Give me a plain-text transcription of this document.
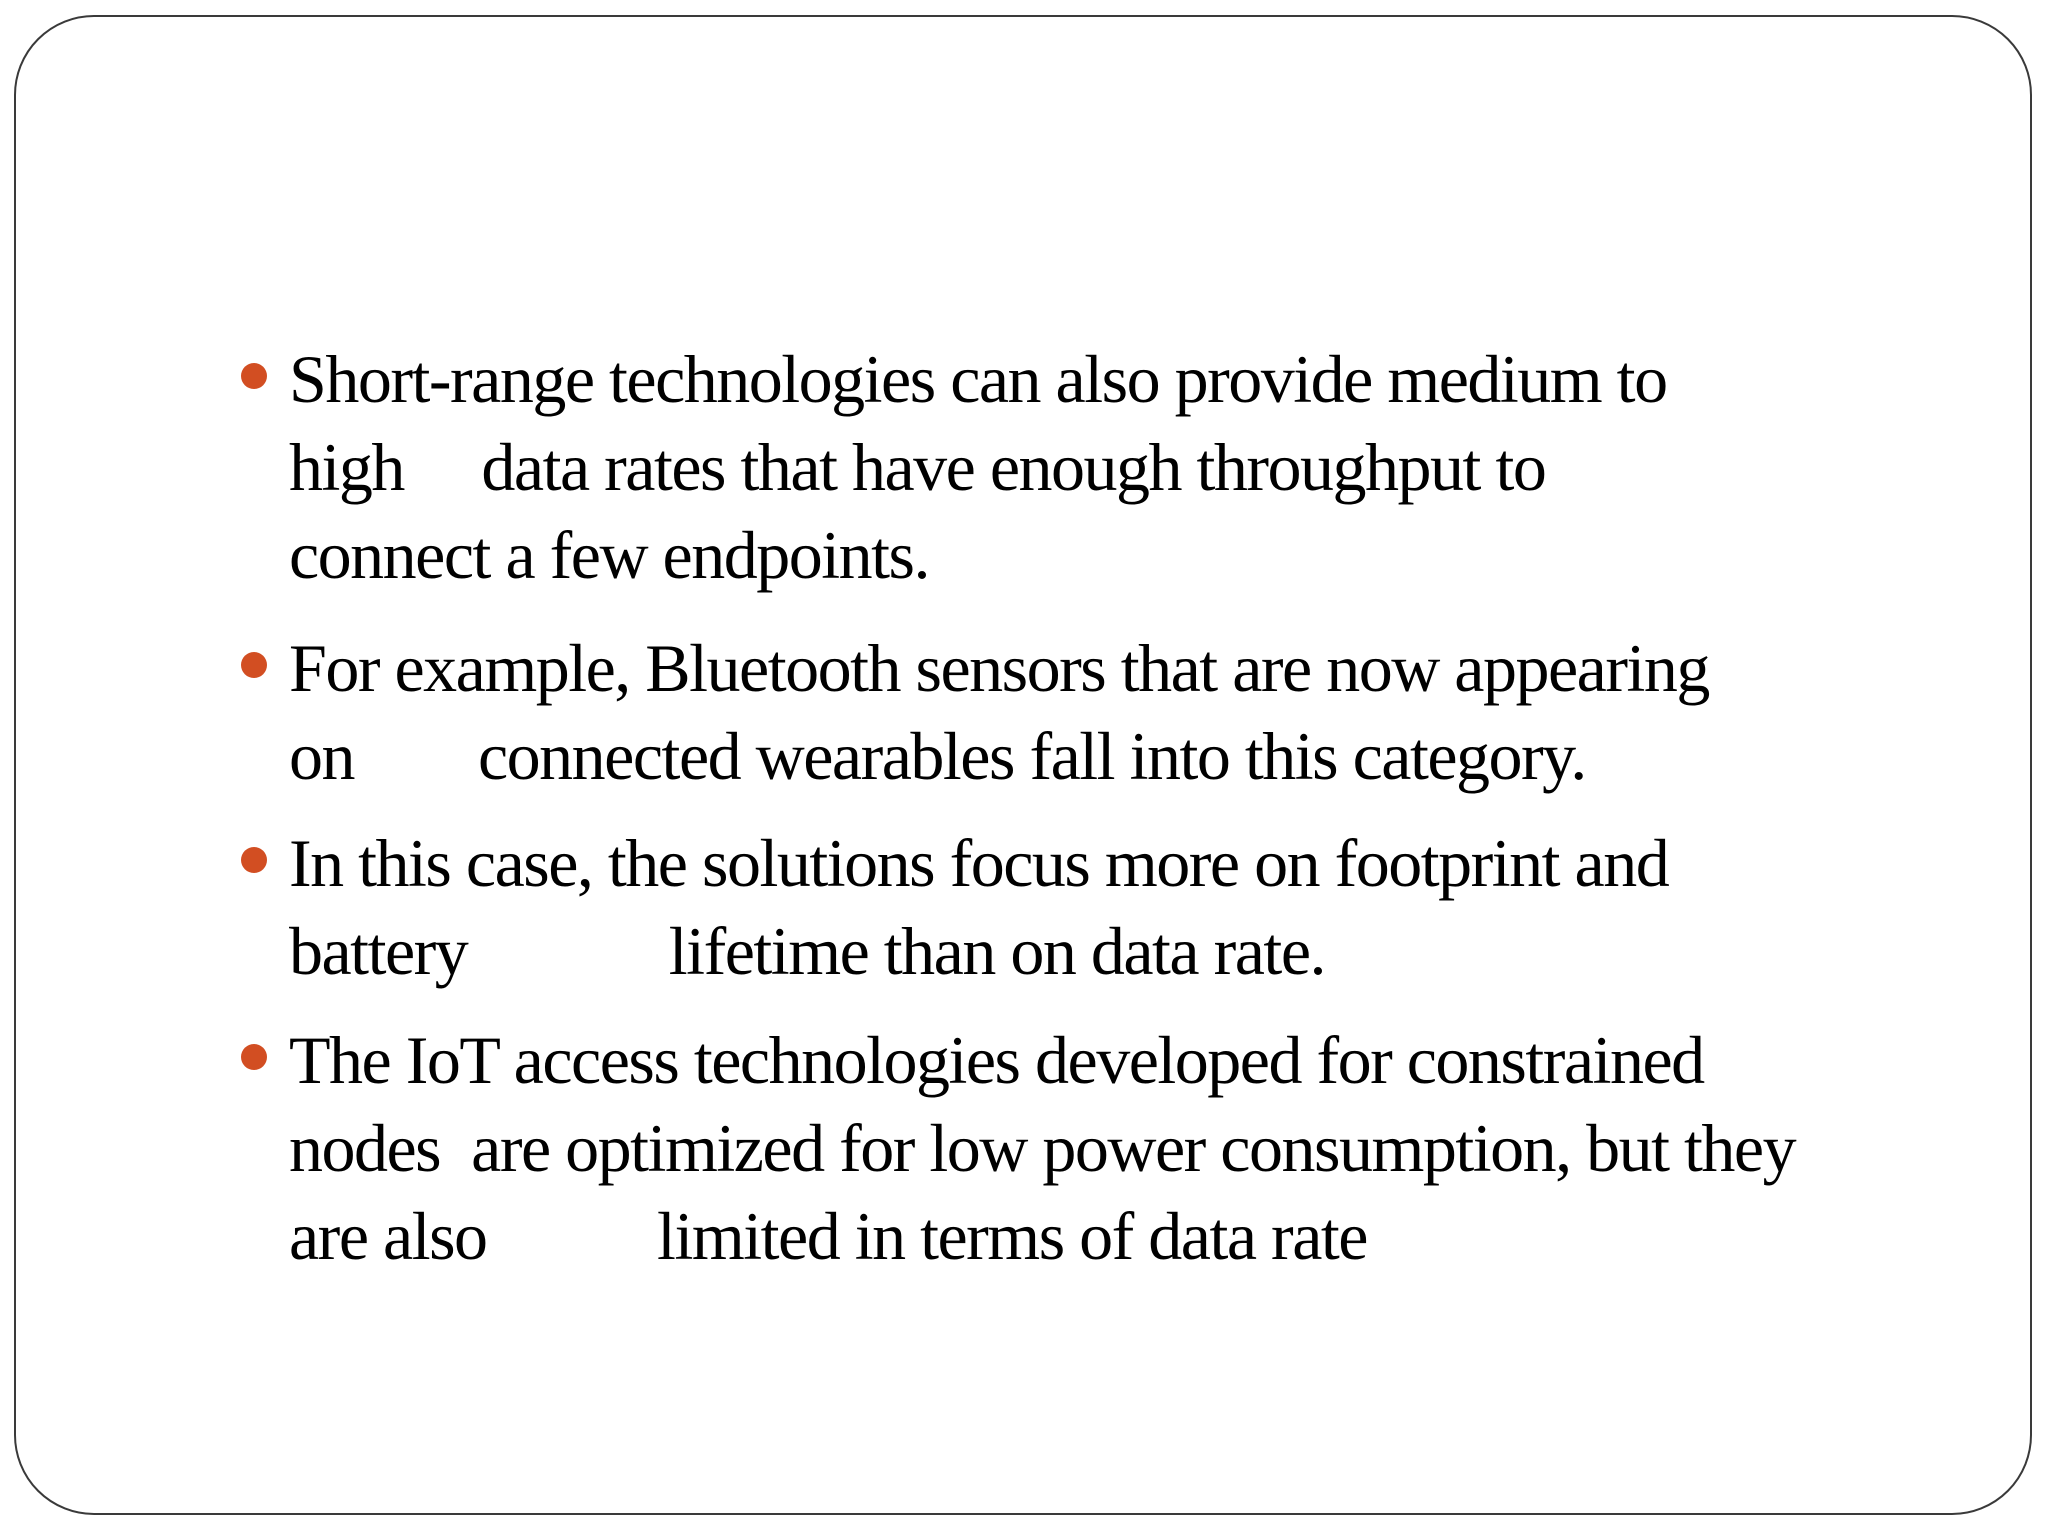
Short-range technologies can also provide medium to
high     data rates that have enough throughput to
connect a few endpoints.
For example, Bluetooth sensors that are now appearing
on        connected wearables fall into this category.
In this case, the solutions focus more on footprint and
battery             lifetime than on data rate.
The IoT access technologies developed for constrained
nodes  are optimized for low power consumption, but they
are also           limited in terms of data rate
